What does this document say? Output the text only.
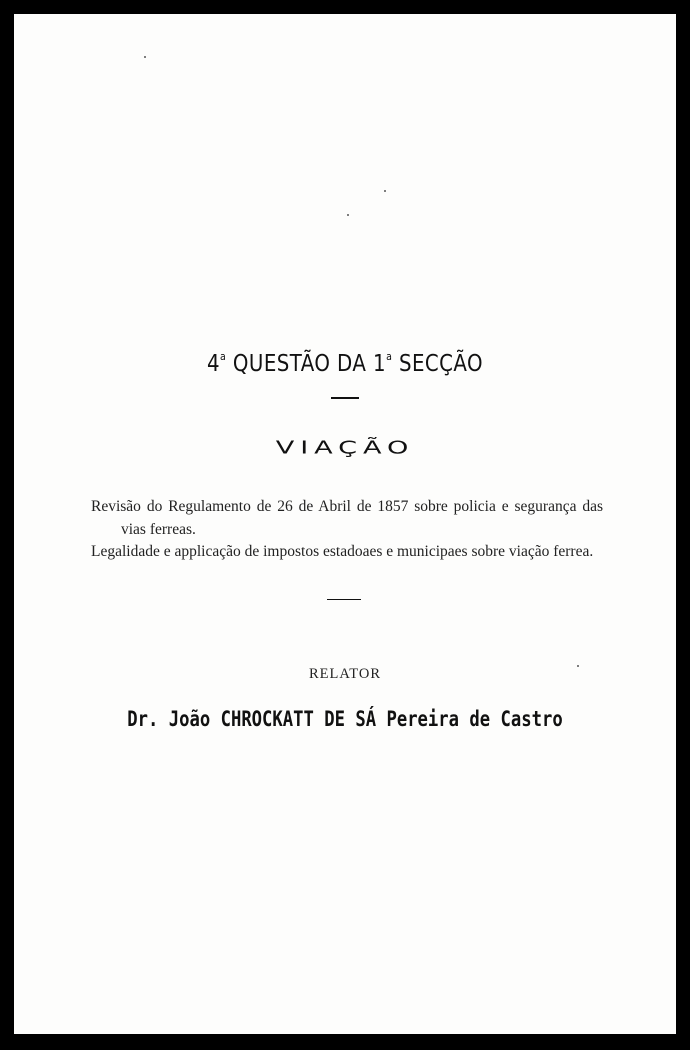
4$^a$ QUESTÃO DA 1$^a$ SECÇÃO
VIAÇÃO

Revisão do Regulamento de 26 de Abril de 1857 sobre policia e segurança das vias ferreas.

Legalidade e applicação de impostos estadoaes e municipaes sobre viação ferrea.

RELATOR
Dr. João CHROCKATT DE SÁ Pereira de Castro
